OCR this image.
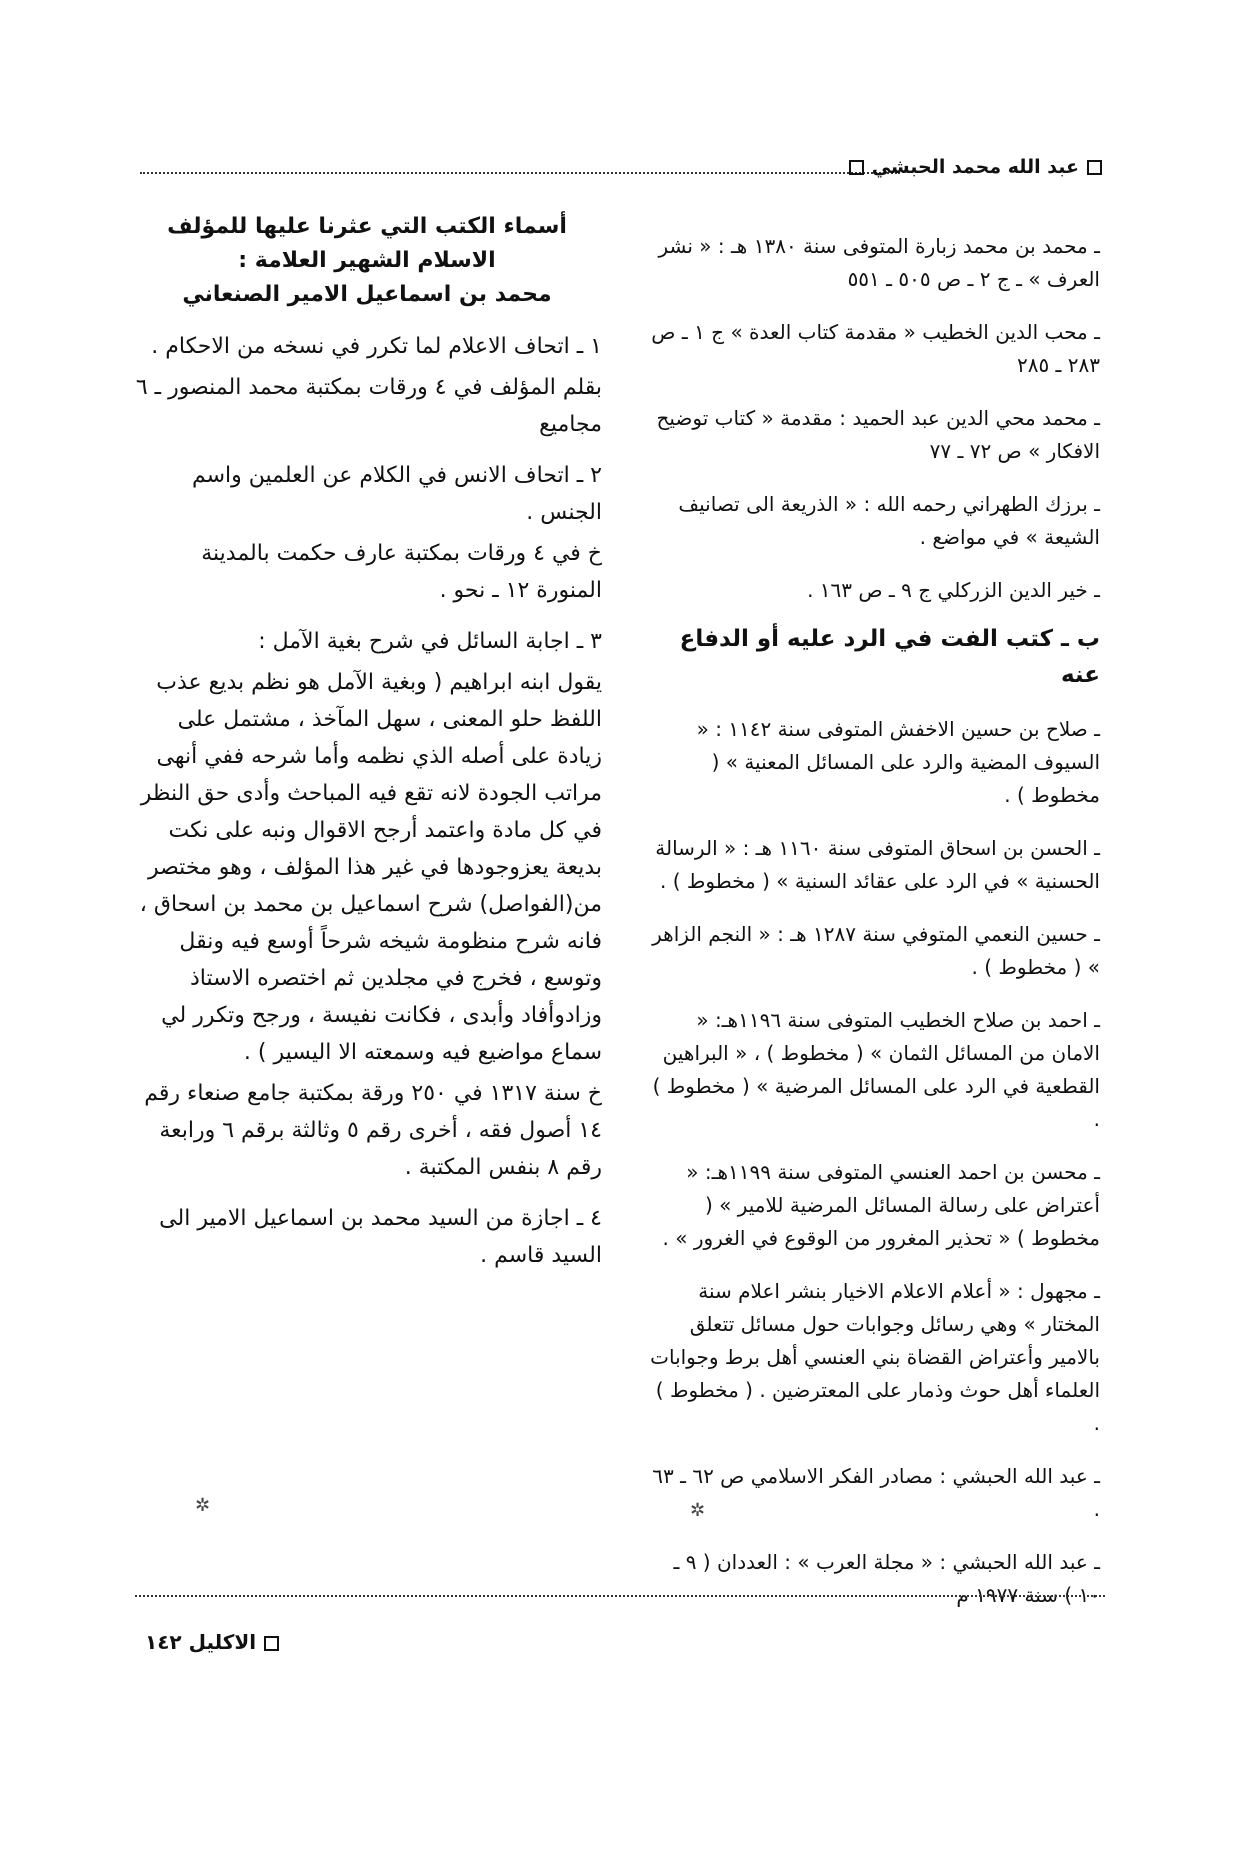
عبد الله محمد الحبشي

ـ محمد بن محمد زبارة المتوفى سنة ١٣٨٠ هـ : « نشر العرف » ـ ج ٢ ـ ص ٥٠٥ ـ ٥٥١

ـ محب الدين الخطيب « مقدمة كتاب العدة » ج ١ ـ ص ٢٨٣ ـ ٢٨٥

ـ محمد محي الدين عبد الحميد : مقدمة « كتاب توضيح الافكار » ص ٧٢ ـ ٧٧

ـ برزك الطهراني رحمه الله : « الذريعة الى تصانيف الشيعة » في مواضع .

ـ خير الدين الزركلي ج ٩ ـ ص ١٦٣ .

ب ـ كتب الفت في الرد عليه أو الدفاع عنه

ـ صلاح بن حسين الاخفش المتوفى سنة ١١٤٢ : « السيوف المضية والرد على المسائل المعنية » ( مخطوط ) .

ـ الحسن بن اسحاق المتوفى سنة ١١٦٠ هـ : « الرسالة الحسنية » في الرد على عقائد السنية » ( مخطوط ) .

ـ حسين النعمي المتوفي سنة ١٢٨٧ هـ : « النجم الزاهر » ( مخطوط ) .

ـ احمد بن صلاح الخطيب المتوفى سنة ١١٩٦هـ: « الامان من المسائل الثمان » ( مخطوط ) ، « البراهين القطعية في الرد على المسائل المرضية » ( مخطوط ) .

ـ محسن بن احمد العنسي المتوفى سنة ١١٩٩هـ: « أعتراض على رسالة المسائل المرضية للامير » ( مخطوط ) « تحذير المغرور من الوقوع في الغرور » .

ـ مجهول : « أعلام الاعلام الاخيار بنشر اعلام سنة المختار » وهي رسائل وجوابات حول مسائل تتعلق بالامير وأعتراض القضاة بني العنسي أهل برط وجوابات العلماء أهل حوث وذمار على المعترضين . ( مخطوط ) .

ـ عبد الله الحبشي : مصادر الفكر الاسلامي ص ٦٢ ـ ٦٣ .

ـ عبد الله الحبشي : « مجلة العرب » : العددان ( ٩ ـ ١٠ ) سنة ١٩٧٧ م

أسماء الكتب التي عثرنا عليها للمؤلف
الاسلام الشهير العلامة :
محمد بن اسماعيل الامير الصنعاني

١ ـ اتحاف الاعلام لما تكرر في نسخه من الاحكام .

بقلم المؤلف في ٤ ورقات بمكتبة محمد المنصور ـ ٦ مجاميع

٢ ـ اتحاف الانس في الكلام عن العلمين واسم الجنس .

خ في ٤ ورقات بمكتبة عارف حكمت بالمدينة المنورة ١٢ ـ نحو .

٣ ـ اجابة السائل في شرح بغية الآمل :

يقول ابنه ابراهيم ( وبغية الآمل هو نظم بديع عذب اللفظ حلو المعنى ، سهل المآخذ ، مشتمل على زيادة على أصله الذي نظمه وأما شرحه ففي أنهى مراتب الجودة لانه تقع فيه المباحث وأدى حق النظر في كل مادة واعتمد أرجح الاقوال ونبه على نكت بديعة يعزوجودها في غير هذا المؤلف ، وهو مختصر من(الفواصل) شرح اسماعيل بن محمد بن اسحاق ، فانه شرح منظومة شيخه شرحاً أوسع فيه ونقل وتوسع ، فخرج في مجلدين ثم اختصره الاستاذ وزادوأفاد وأبدى ، فكانت نفيسة ، ورجح وتكرر لي سماع مواضيع فيه وسمعته الا اليسير ) .

خ سنة ١٣١٧ في ٢٥٠ ورقة بمكتبة جامع صنعاء رقم ١٤ أصول فقه ، أخرى رقم ٥ وثالثة برقم ٦ ورابعة رقم ٨ بنفس المكتبة .

٤ ـ اجازة من السيد محمد بن اسماعيل الامير الى السيد قاسم .

✲	✲
الاكليل ١٤٢
